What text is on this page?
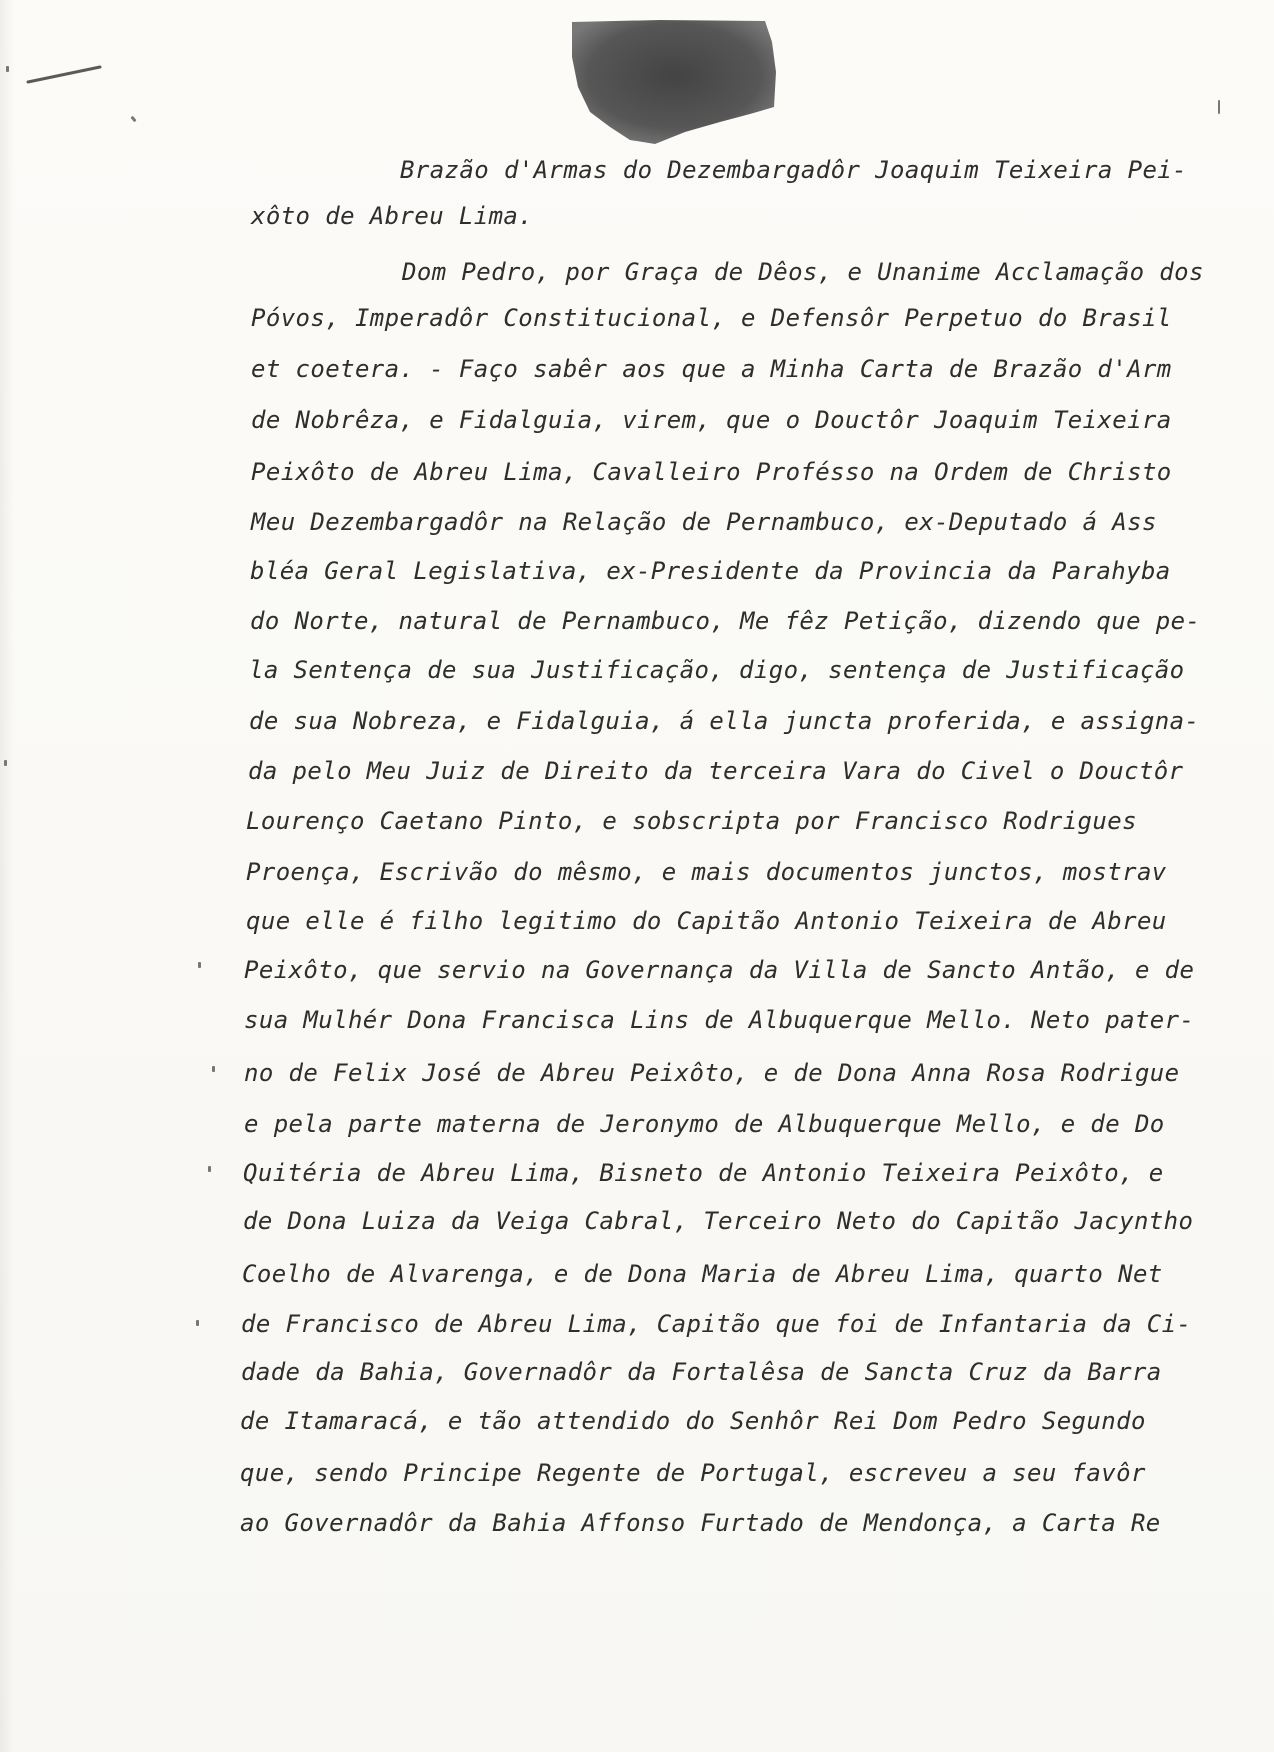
Brazão d'Armas do Dezembargadôr Joaquim Teixeira Pei-
xôto de Abreu Lima.
Dom Pedro, por Graça de Dêos, e Unanime Acclamação dos
Póvos, Imperadôr Constitucional, e Defensôr Perpetuo do Brasil
et coetera. - Faço sabêr aos que a Minha Carta de Brazão d'Arm
de Nobrêza, e Fidalguia, virem, que o Douctôr Joaquim Teixeira
Peixôto de Abreu Lima, Cavalleiro Profésso na Ordem de Christo
Meu Dezembargadôr na Relação de Pernambuco, ex-Deputado á Ass
bléa Geral Legislativa, ex-Presidente da Provincia da Parahyba
do Norte, natural de Pernambuco, Me fêz Petição, dizendo que pe-
la Sentença de sua Justificação, digo, sentença de Justificação
de sua Nobreza, e Fidalguia, á ella juncta proferida, e assigna-
da pelo Meu Juiz de Direito da terceira Vara do Civel o Douctôr
Lourenço Caetano Pinto, e sobscripta por Francisco Rodrigues
Proença, Escrivão do mêsmo, e mais documentos junctos, mostrav
que elle é filho legitimo do Capitão Antonio Teixeira de Abreu
Peixôto, que servio na Governança da Villa de Sancto Antão, e de
sua Mulhér Dona Francisca Lins de Albuquerque Mello. Neto pater-
no de Felix José de Abreu Peixôto, e de Dona Anna Rosa Rodrigue
e pela parte materna de Jeronymo de Albuquerque Mello, e de Do
Quitéria de Abreu Lima, Bisneto de Antonio Teixeira Peixôto, e
de Dona Luiza da Veiga Cabral, Terceiro Neto do Capitão Jacyntho
Coelho de Alvarenga, e de Dona Maria de Abreu Lima, quarto Net
de Francisco de Abreu Lima, Capitão que foi de Infantaria da Ci-
dade da Bahia, Governadôr da Fortalêsa de Sancta Cruz da Barra
de Itamaracá, e tão attendido do Senhôr Rei Dom Pedro Segundo
que, sendo Principe Regente de Portugal, escreveu a seu favôr
ao Governadôr da Bahia Affonso Furtado de Mendonça, a Carta Re
